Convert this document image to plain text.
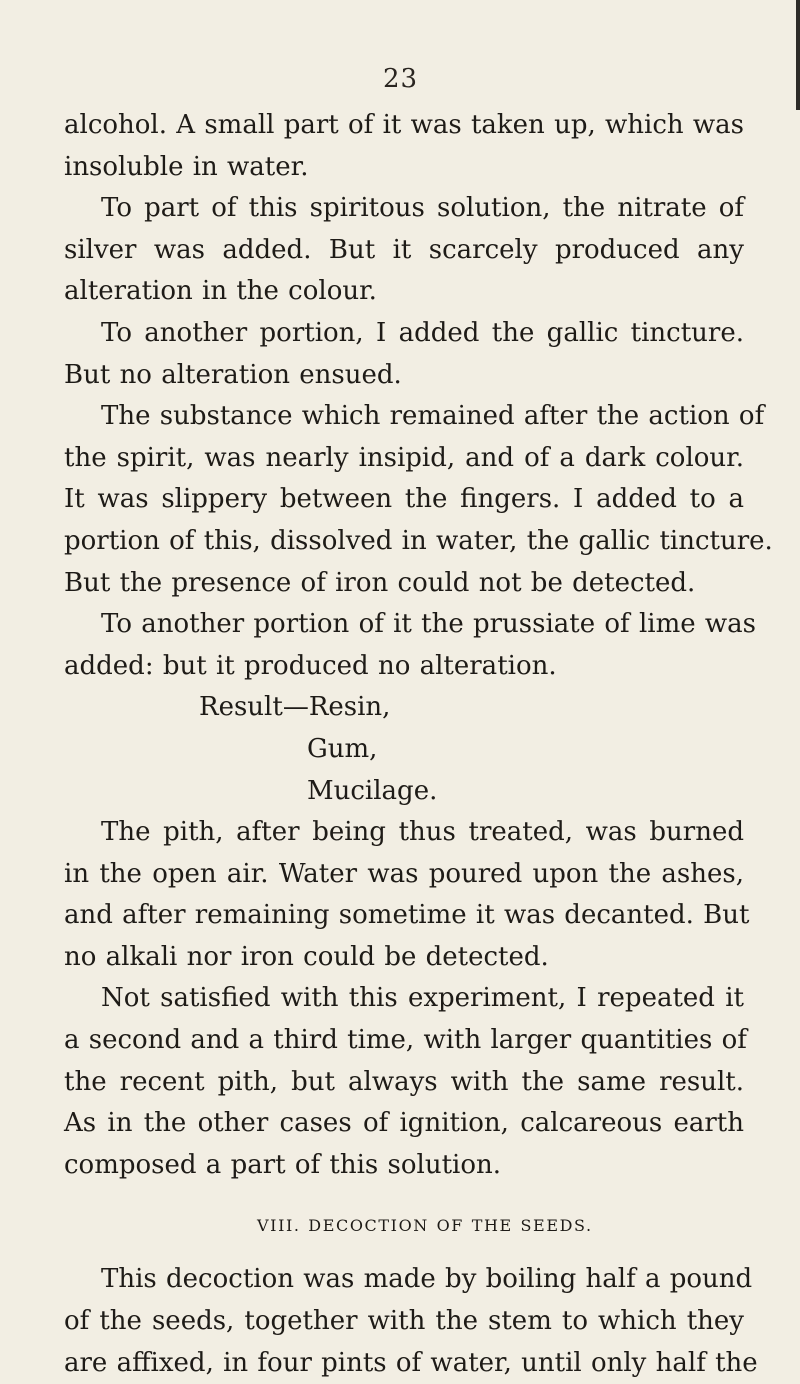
23
alcohol. A small part of it was taken up, which was
insoluble in water.
To part of this spiritous solution, the nitrate of
silver was added. But it scarcely produced any
alteration in the colour.
To another portion, I added the gallic tincture.
But no alteration ensued.
The substance which remained after the action of
the spirit, was nearly insipid, and of a dark colour.
It was slippery between the fingers. I added to a
portion of this, dissolved in water, the gallic tincture.
But the presence of iron could not be detected.
To another portion of it the prussiate of lime was
added: but it produced no alteration.
Result—Resin,
Gum,
Mucilage.
The pith, after being thus treated, was burned
in the open air. Water was poured upon the ashes,
and after remaining sometime it was decanted. But
no alkali nor iron could be detected.
Not satisfied with this experiment, I repeated it
a second and a third time, with larger quantities of
the recent pith, but always with the same result.
As in the other cases of ignition, calcareous earth
composed a part of this solution.
VIII. DECOCTION OF THE SEEDS.
This decoction was made by boiling half a pound
of the seeds, together with the stem to which they
are affixed, in four pints of water, until only half the
